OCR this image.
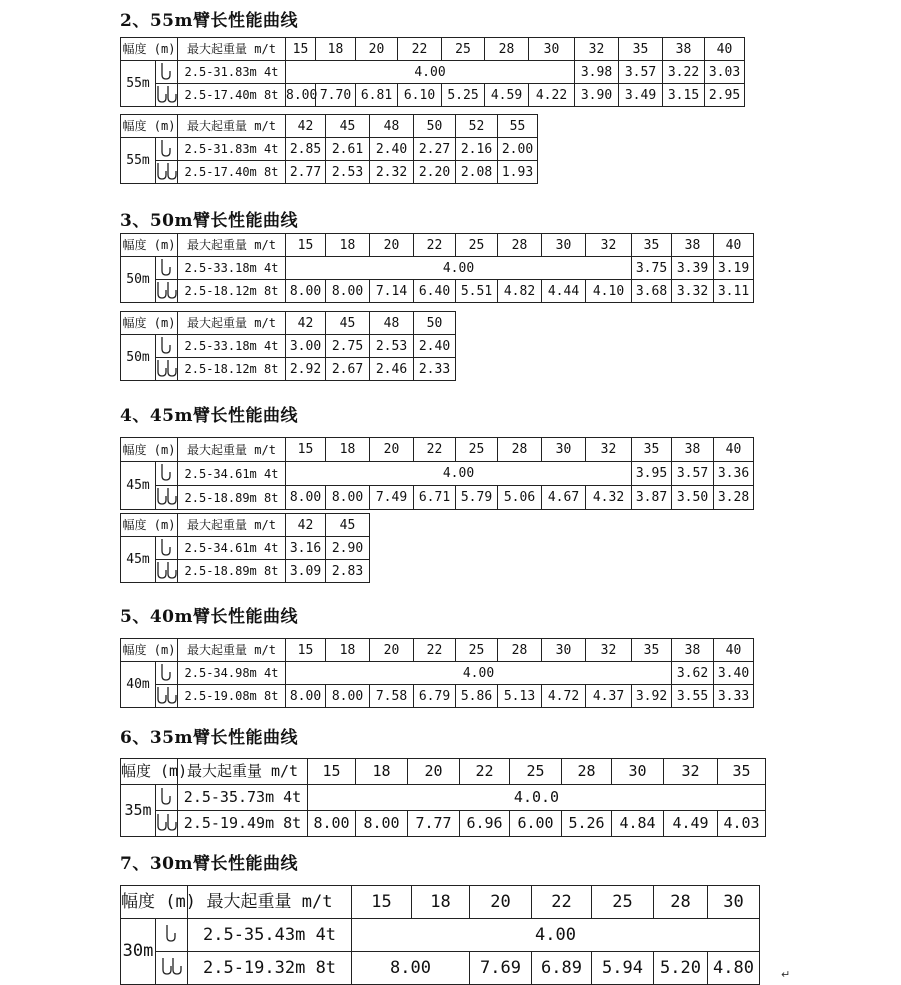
2、55m臂长性能曲线
3、50m臂长性能曲线
4、45m臂长性能曲线
5、40m臂长性能曲线
6、35m臂长性能曲线
7、30m臂长性能曲线
幅度 (m)		最大起重量 m/t	15	18	20	22	25	28	30	32	35	38	40
55m		2.5-31.83m 4t	4.00							3.98	3.57	3.22	3.03
	2.5-17.40m 8t	8.00	7.70	6.81	6.10	5.25	4.59	4.22	3.90	3.49	3.15	2.95
幅度 (m)		最大起重量 m/t	42	45	48	50	52	55
55m		2.5-31.83m 4t	2.85	2.61	2.40	2.27	2.16	2.00
	2.5-17.40m 8t	2.77	2.53	2.32	2.20	2.08	1.93
幅度 (m)		最大起重量 m/t	15	18	20	22	25	28	30	32	35	38	40
50m		2.5-33.18m 4t	4.00								3.75	3.39	3.19
	2.5-18.12m 8t	8.00	8.00	7.14	6.40	5.51	4.82	4.44	4.10	3.68	3.32	3.11
幅度 (m)		最大起重量 m/t	42	45	48	50
50m		2.5-33.18m 4t	3.00	2.75	2.53	2.40
	2.5-18.12m 8t	2.92	2.67	2.46	2.33
幅度 (m)		最大起重量 m/t	15	18	20	22	25	28	30	32	35	38	40
45m		2.5-34.61m 4t	4.00								3.95	3.57	3.36
	2.5-18.89m 8t	8.00	8.00	7.49	6.71	5.79	5.06	4.67	4.32	3.87	3.50	3.28
幅度 (m)		最大起重量 m/t	42	45
45m		2.5-34.61m 4t	3.16	2.90
	2.5-18.89m 8t	3.09	2.83
幅度 (m)		最大起重量 m/t	15	18	20	22	25	28	30	32	35	38	40
40m		2.5-34.98m 4t	4.00									3.62	3.40
	2.5-19.08m 8t	8.00	8.00	7.58	6.79	5.86	5.13	4.72	4.37	3.92	3.55	3.33
幅度 (m)		最大起重量 m/t	15	18	20	22	25	28	30	32	35
35m		2.5-35.73m 4t	4.0.0								
	2.5-19.49m 8t	8.00	8.00	7.77	6.96	6.00	5.26	4.84	4.49	4.03
幅度 (m)		最大起重量 m/t	15	18	20	22	25	28	30
30m		2.5-35.43m 4t	4.00						
	2.5-19.32m 8t	8.00		7.69	6.89	5.94	5.20	4.80 ↵
